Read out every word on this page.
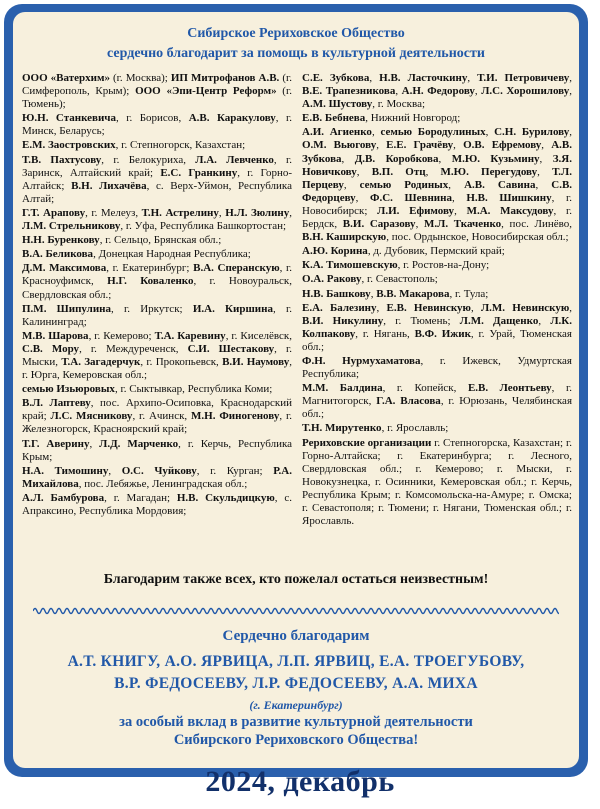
Сибирское Рериховское Общество
сердечно благодарит за помощь в культурной деятельности

ООО «Ватерхим» (г. Москва); ИП Митрофанов А.В. (г. Симферополь, Крым); ООО «Эпи-Центр Реформ» (г. Тюмень);

Ю.Н. Станкевича, г. Борисов, А.В. Каракулову, г. Минск, Беларусь;

Е.М. Заостровских, г. Степногорск, Казахстан;

Т.В. Пахтусову, г. Белокуриха, Л.А. Левченко, г. Заринск, Алтайский край; Е.С. Гранкину, г. Горно-Алтайск; В.Н. Лихачёва, с. Верх-Уймон, Республика Алтай;

Г.Т. Арапову, г. Мелеуз, Т.Н. Астрелину, Н.Л. Зюлину, Л.М. Стрельникову, г. Уфа, Республика Башкортостан;

Н.Н. Буренкову, г. Сельцо, Брянская обл.;

В.А. Беликова, Донецкая Народная Республика;

Д.М. Максимова, г. Екатеринбург; В.А. Сперанскую, г. Красноуфимск, Н.Г. Коваленко, г. Новоуральск, Свердловская обл.;

П.М. Шипулина, г. Иркутск; И.А. Киршина, г. Калининград;

М.В. Шарова, г. Кемерово; Т.А. Каревину, г. Киселёвск, С.В. Мору, г. Междуреченск, С.И. Шестакову, г. Мыски, Т.А. Загадерчук, г. Прокопьевск, В.И. Наумову, г. Юрга, Кемеровская обл.;

семью Изьюровых, г. Сыктывкар, Республика Коми;

В.Л. Лаптеву, пос. Архипо-Осиповка, Краснодарский край; Л.С. Мясникову, г. Ачинск, М.Н. Финогенову, г. Железногорск, Красноярский край;

Т.Г. Аверину, Л.Д. Марченко, г. Керчь, Республика Крым;

Н.А. Тимошину, О.С. Чуйкову, г. Курган; Р.А. Михайлова, пос. Лебяжье, Ленинградская обл.;

А.Л. Бамбурова, г. Магадан; Н.В. Скульдицкую, с. Апраксино, Республика Мордовия;

С.Е. Зубкова, Н.В. Ласточкину, Т.И. Петровичеву, В.Е. Трапезникова, А.Н. Федорову, Л.С. Хорошилову, А.М. Шустову, г. Москва;

Е.В. Бебнева, Нижний Новгород;

А.И. Агиенко, семью Бородулиных, С.Н. Бурилову, О.М. Вьюгову, Е.Е. Грачёву, О.В. Ефремову, А.В. Зубкова, Д.В. Коробкова, М.Ю. Кузьмину, З.Я. Новичкову, В.П. Отц, М.Ю. Перегудову, Т.Л. Перцеву, семью Родиных, А.В. Савина, С.В. Федорцеву, Ф.С. Шевнина, Н.В. Шишкину, г. Новосибирск; Л.И. Ефимову, М.А. Максудову, г. Бердск, В.И. Саразову, М.Л. Ткаченко, пос. Линёво, В.Н. Каширскую, пос. Ордынское, Новосибирская обл.;

А.Ю. Корина, д. Дубовик, Пермский край;

К.А. Тимошевскую, г. Ростов-на-Дону;

О.А. Ракову, г. Севастополь;

Н.В. Башкову, В.В. Макарова, г. Тула;

Е.А. Балезину, Е.В. Невинскую, Л.М. Невинскую, В.И. Никулину, г. Тюмень; Л.М. Дащенко, Л.К. Колпакову, г. Нягань, В.Ф. Ижик, г. Урай, Тюменская обл.;

Ф.Н. Нурмухаматова, г. Ижевск, Удмуртская Республика;

М.М. Балдина, г. Копейск, Е.В. Леонтьеву, г. Магнитогорск, Г.А. Власова, г. Юрюзань, Челябинская обл.;

Т.Н. Мирутенко, г. Ярославль;

Рериховские организации г. Степногорска, Казахстан; г. Горно-Алтайска; г. Екатеринбурга; г. Лесного, Свердловская обл.; г. Кемерово; г. Мыски, г. Новокузнецка, г. Осинники, Кемеровская обл.; г. Керчь, Республика Крым; г. Комсомольска-на-Амуре; г. Омска; г. Севастополя; г. Тюмени; г. Нягани, Тюменская обл.; г. Ярославль.

Благодарим также всех, кто пожелал остаться неизвестным!
Сердечно благодарим
А.Т. КНИГУ, А.О. ЯРВИЦА, Л.П. ЯРВИЦ, Е.А. ТРОЕГУБОВУ,
В.Р. ФЕДОСЕЕВУ, Л.Р. ФЕДОСЕЕВУ, А.А. МИХА
(г. Екатеринбург)
за особый вклад в развитие культурной деятельности
Сибирского Рериховского Общества!
2024, декабрь
